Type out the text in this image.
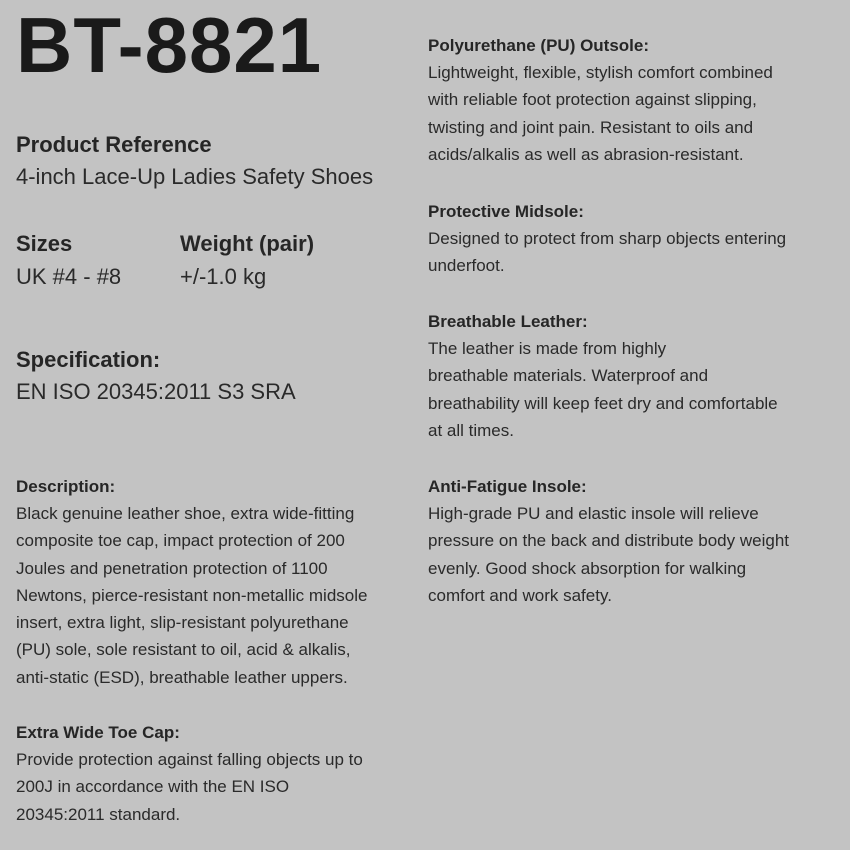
BT-8821
Product Reference
4-inch Lace-Up Ladies Safety Shoes
Sizes
UK #4 - #8
Weight (pair)
+/-1.0 kg
Specification:
EN ISO 20345:2011 S3 SRA
Description:
Black genuine leather shoe, extra wide-fitting
composite toe cap, impact protection of 200
Joules and penetration protection of 1100
Newtons, pierce-resistant non-metallic midsole
insert, extra light, slip-resistant polyurethane
(PU) sole, sole resistant to oil, acid & alkalis,
anti-static (ESD), breathable leather uppers.
Extra Wide Toe Cap:
Provide protection against falling objects up to
200J in accordance with the EN ISO
20345:2011 standard.
Polyurethane (PU) Outsole:
Lightweight, flexible, stylish comfort combined
with reliable foot protection against slipping,
twisting and joint pain. Resistant to oils and
acids/alkalis as well as abrasion-resistant.
Protective Midsole:
Designed to protect from sharp objects entering
underfoot.
Breathable Leather:
The leather is made from highly
breathable materials. Waterproof and
breathability will keep feet dry and comfortable
at all times.
Anti-Fatigue Insole:
High-grade PU and elastic insole will relieve
pressure on the back and distribute body weight
evenly. Good shock absorption for walking
comfort and work safety.
